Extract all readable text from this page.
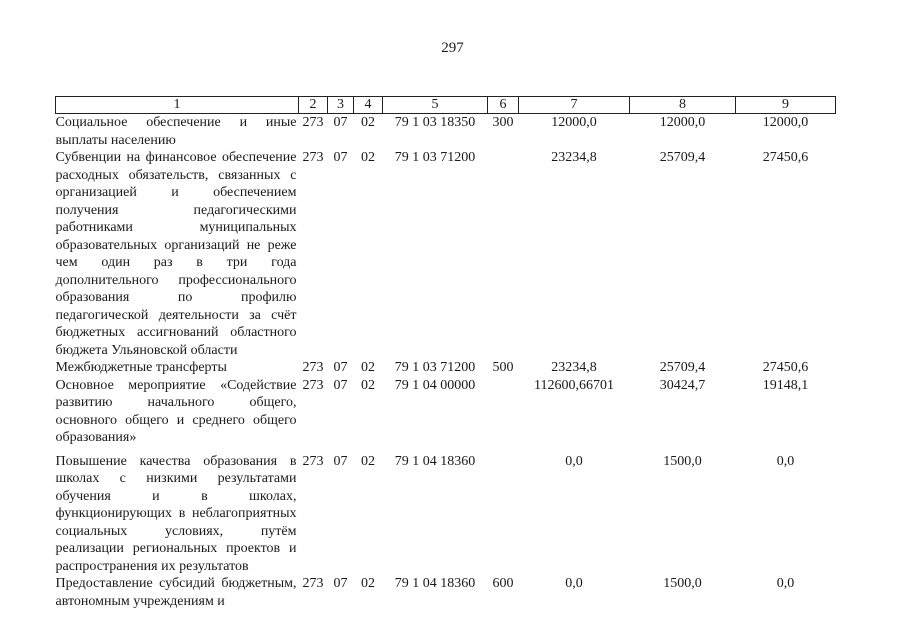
297
1	2	3	4	5	6	7	8	9
Социальное обеспечение и иные выплаты населению	273	07	02	79 1 03 18350	300	12000,0	12000,0	12000,0
Субвенции на финансовое обеспечение расходных обязательств, связанных с организацией и обеспечением получения педагогическими работниками муниципальных образовательных организаций не реже чем один раз в три года дополнительного профессионального образования по профилю педагогической деятельности за счёт бюджетных ассигнований областного бюджета Ульяновской области	273	07	02	79 1 03 71200		23234,8	25709,4	27450,6
Межбюджетные трансферты	273	07	02	79 1 03 71200	500	23234,8	25709,4	27450,6
Основное мероприятие «Содействие развитию начального общего, основного общего и среднего общего образования»	273	07	02	79 1 04 00000		112600,66701	30424,7	19148,1
Повышение качества образования в школах с низкими результатами обучения и в школах, функционирующих в неблагоприятных социальных условиях, путём реализации региональных проектов и распространения их результатов	273	07	02	79 1 04 18360		0,0	1500,0	0,0
Предоставление субсидий бюджетным, автономным учреждениям и	273	07	02	79 1 04 18360	600	0,0	1500,0	0,0
